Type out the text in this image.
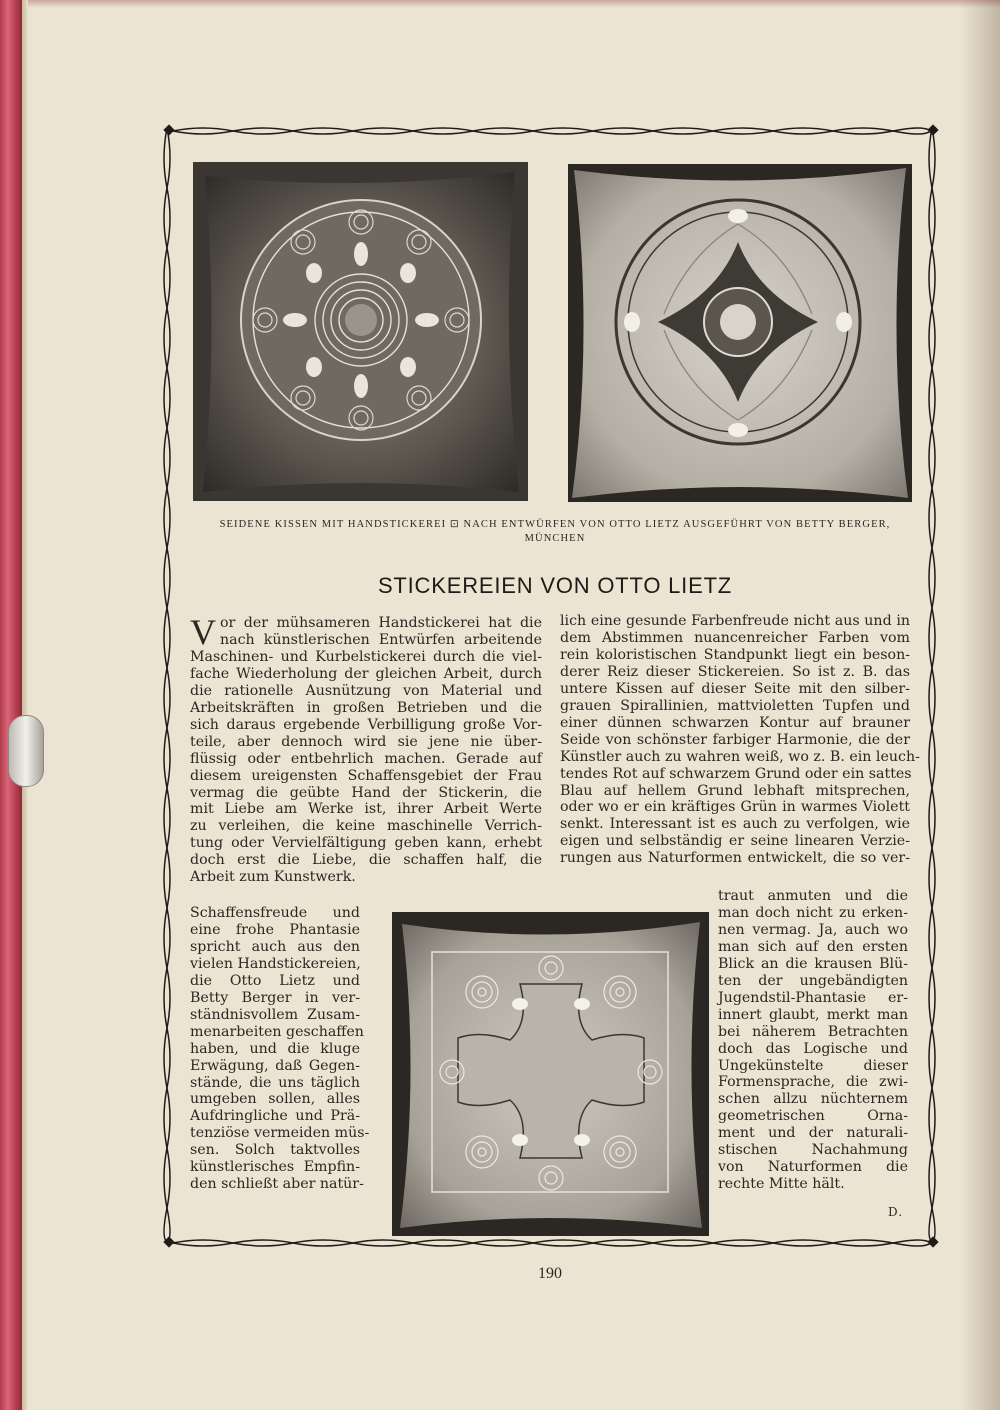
SEIDENE KISSEN MIT HANDSTICKEREI ⊡ NACH ENTWÜRFEN VON OTTO LIETZ AUSGEFÜHRT VON BETTY BERGER,
MÜNCHEN
STICKEREIEN VON OTTO LIETZ
V or der mühsameren Handstickerei hat die
nach künstlerischen Entwürfen arbeitende
Maschinen- und Kurbelstickerei durch die viel-
fache Wiederholung der gleichen Arbeit, durch
die rationelle Ausnützung von Material und
Arbeitskräften in großen Betrieben und die
sich daraus ergebende Verbilligung große Vor-
teile, aber dennoch wird sie jene nie über-
flüssig oder entbehrlich machen. Gerade auf
diesem ureigensten Schaffensgebiet der Frau
vermag die geübte Hand der Stickerin, die
mit Liebe am Werke ist, ihrer Arbeit Werte
zu verleihen, die keine maschinelle Verrich-
tung oder Vervielfältigung geben kann, erhebt
doch erst die Liebe, die schaffen half, die
Arbeit zum Kunstwerk.
Schaffensfreude und
eine frohe Phantasie
spricht auch aus den
vielen Handstickereien,
die Otto Lietz und
Betty Berger in ver-
ständnisvollem Zusam-
menarbeiten geschaffen
haben, und die kluge
Erwägung, daß Gegen-
stände, die uns täglich
umgeben sollen, alles
Aufdringliche und Prä-
tenziöse vermeiden müs-
sen. Solch taktvolles
künstlerisches Empfin-
den schließt aber natür-
lich eine gesunde Farbenfreude nicht aus und in
dem Abstimmen nuancenreicher Farben vom
rein koloristischen Standpunkt liegt ein beson-
derer Reiz dieser Stickereien. So ist z. B. das
untere Kissen auf dieser Seite mit den silber-
grauen Spirallinien, mattvioletten Tupfen und
einer dünnen schwarzen Kontur auf brauner
Seide von schönster farbiger Harmonie, die der
Künstler auch zu wahren weiß, wo z. B. ein leuch-
tendes Rot auf schwarzem Grund oder ein sattes
Blau auf hellem Grund lebhaft mitsprechen,
oder wo er ein kräftiges Grün in warmes Violett
senkt. Interessant ist es auch zu verfolgen, wie
eigen und selbständig er seine linearen Verzie-
rungen aus Naturformen entwickelt, die so ver-
traut anmuten und die
man doch nicht zu erken-
nen vermag. Ja, auch wo
man sich auf den ersten
Blick an die krausen Blü-
ten der ungebändigten
Jugendstil-Phantasie er-
innert glaubt, merkt man
bei näherem Betrachten
doch das Logische und
Ungekünstelte dieser
Formensprache, die zwi-
schen allzu nüchternem
geometrischen Orna-
ment und der naturali-
stischen Nachahmung
von Naturformen die
rechte Mitte hält.
D.
190
